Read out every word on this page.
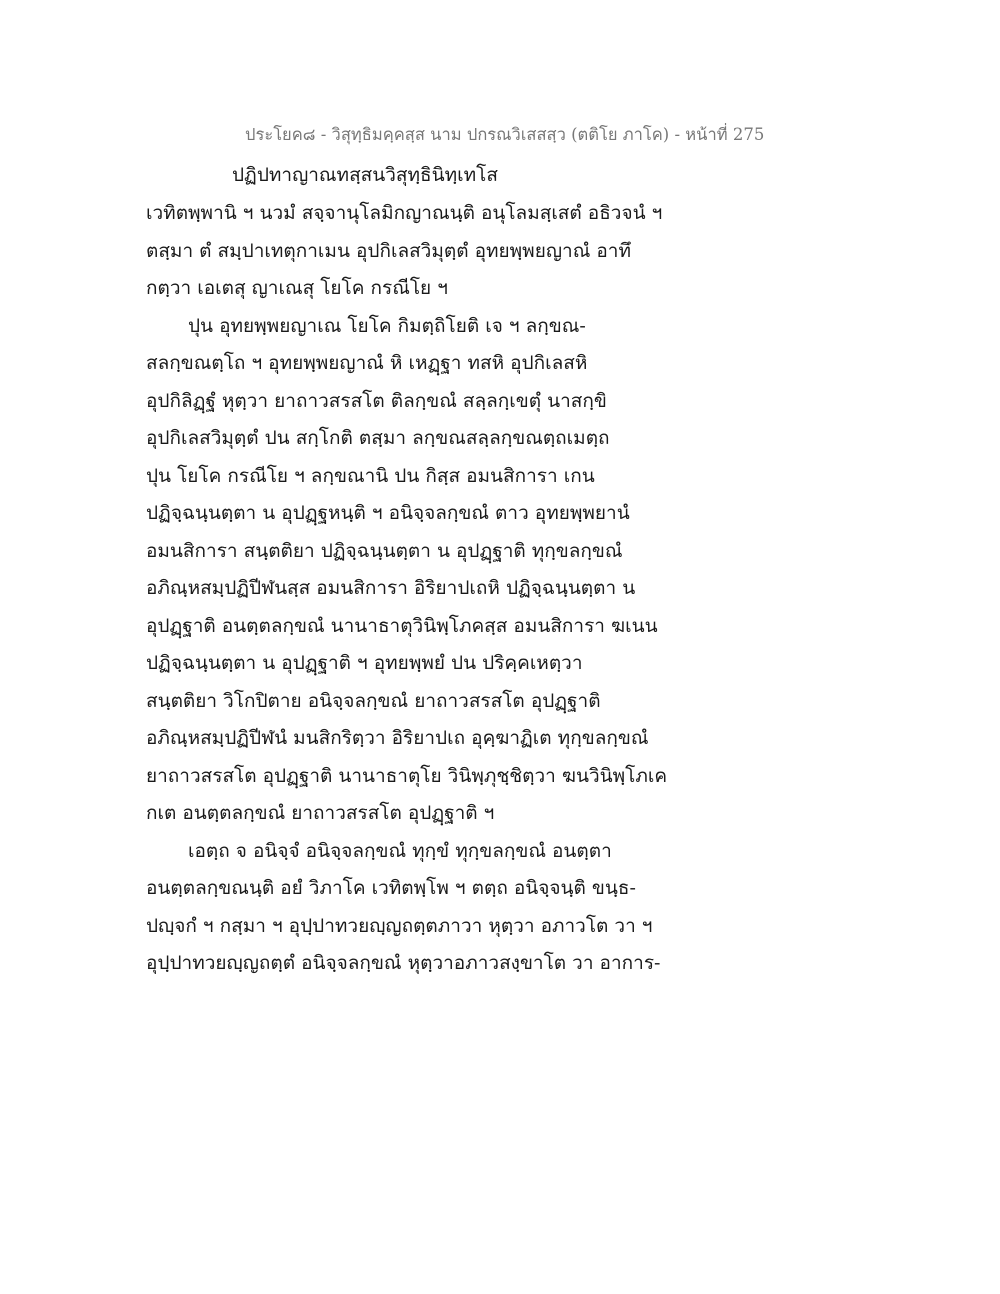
ประโยค๘ - วิสุทฺธิมคฺคสฺส นาม ปกรณวิเสสสฺว (ตติโย ภาโค) - หน้าที่ 275
ปฏิปทาญาณทสฺสนวิสุทฺธินิทฺเทโส
เวทิตพฺพานิ ฯ นวมํ สจฺจานุโลมิกญาณนฺติ อนุโลมสฺเสตํ อธิวจนํ ฯ
ตสฺมา ตํ สมฺปาเทตุกาเมน อุปกิเลสวิมุตฺตํ อุทยพฺพยญาณํ อาทึ
กตฺวา เอเตสุ ญาเณสุ โยโค กรณีโย ฯ
ปุน อุทยพฺพยญาเณ โยโค กิมตฺถิโยติ เจ ฯ ลกฺขณ-
สลกฺขณตฺโถ ฯ อุทยพฺพยญาณํ หิ เหฏฺฐา ทสหิ อุปกิเลสหิ
อุปกิลิฏฺฐํ หุตฺวา ยาถาวสรสโต ติลกฺขณํ สลฺลกฺเขตุํ นาสกฺขิ
อุปกิเลสวิมุตฺตํ ปน สกฺโกติ ตสฺมา ลกฺขณสลฺลกฺขณตฺถเมตฺถ
ปุน โยโค กรณีโย ฯ ลกฺขณานิ ปน กิสฺส อมนสิการา เกน
ปฏิจฺฉนฺนตฺตา น อุปฏฺฐหนฺติ ฯ อนิจฺจลกฺขณํ ตาว อุทยพฺพยานํ
อมนสิการา สนฺตติยา ปฏิจฺฉนฺนตฺตา น อุปฏฺฐาติ ทุกฺขลกฺขณํ
อภิณฺหสมฺปฏิปีฬนสฺส อมนสิการา อิริยาปเถหิ ปฏิจฺฉนฺนตฺตา น
อุปฏฺฐาติ อนตฺตลกฺขณํ นานาธาตุวินิพฺโภคสฺส อมนสิการา ฆเนน
ปฏิจฺฉนฺนตฺตา น อุปฏฺฐาติ ฯ อุทยพฺพยํ ปน ปริคฺคเหตฺวา
สนฺตติยา วิโกปิตาย อนิจฺจลกฺขณํ ยาถาวสรสโต อุปฏฺฐาติ
อภิณฺหสมฺปฏิปีฬนํ มนสิกริตฺวา อิริยาปเถ อุคฺฆาฏิเต ทุกฺขลกฺขณํ
ยาถาวสรสโต อุปฏฺฐาติ นานาธาตุโย วินิพฺภุชฺชิตฺวา ฆนวินิพฺโภเค
กเต อนตฺตลกฺขณํ ยาถาวสรสโต อุปฏฺฐาติ ฯ
เอตฺถ จ อนิจฺจํ อนิจฺจลกฺขณํ ทุกฺขํ ทุกฺขลกฺขณํ อนตฺตา
อนตฺตลกฺขณนฺติ อยํ วิภาโค เวทิตพฺโพ ฯ ตตฺถ อนิจฺจนฺติ ขนฺธ-
ปญฺจกํ ฯ กสฺมา ฯ อุปฺปาทวยญฺญถตฺตภาวา หุตฺวา อภาวโต วา ฯ
อุปฺปาทวยญฺญถตฺตํ อนิจฺจลกฺขณํ หุตฺวาอภาวสงฺขาโต วา อาการ-
